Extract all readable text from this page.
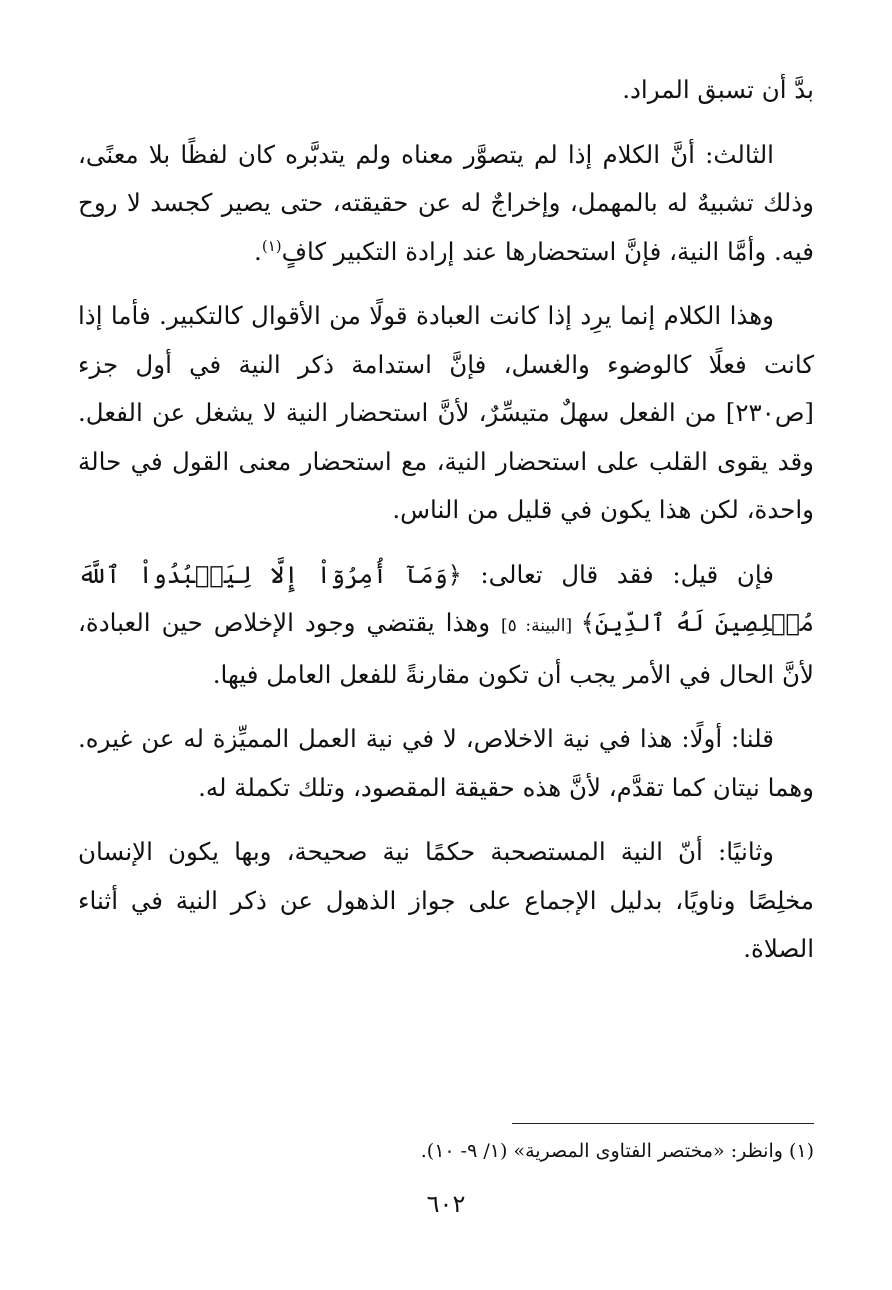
بدَّ أن تسبق المراد.

الثالث: أنَّ الكلام إذا لم يتصوَّر معناه ولم يتدبَّره كان لفظًا بلا معنًى، وذلك تشبيهٌ له بالمهمل، وإخراجٌ له عن حقيقته، حتى يصير كجسد لا روح فيه. وأمَّا النية، فإنَّ استحضارها عند إرادة التكبير كافٍ$^{(١)}$.

وهذا الكلام إنما يرِد إذا كانت العبادة قولًا من الأقوال كالتكبير. فأما إذا كانت فعلًا كالوضوء والغسل، فإنَّ استدامة ذكر النية في أول جزء [ص٢٣٠] من الفعل سهلٌ متيسِّرٌ، لأنَّ استحضار النية لا يشغل عن الفعل. وقد يقوى القلب على استحضار النية، مع استحضار معنى القول في حالة واحدة، لكن هذا يكون في قليل من الناس.

فإن قيل: فقد قال تعالى: ﴿وَمَآ أُمِرُوٓاْ إِلَّا لِيَعۡبُدُواْ ٱللَّهَ مُخۡلِصِينَ لَهُ ٱلدِّينَ﴾ [البينة: ٥] وهذا يقتضي وجود الإخلاص حين العبادة، لأنَّ الحال في الأمر يجب أن تكون مقارنةً للفعل العامل فيها.

قلنا: أولًا: هذا في نية الاخلاص، لا في نية العمل المميِّزة له عن غيره. وهما نيتان كما تقدَّم، لأنَّ هذه حقيقة المقصود، وتلك تكملة له.

وثانيًا: أنّ النية المستصحبة حكمًا نية صحيحة، وبها يكون الإنسان مخلِصًا وناويًا، بدليل الإجماع على جواز الذهول عن ذكر النية في أثناء الصلاة.

(١) وانظر: «مختصر الفتاوى المصرية» (١/ ٩- ١٠).
٦٠٢
